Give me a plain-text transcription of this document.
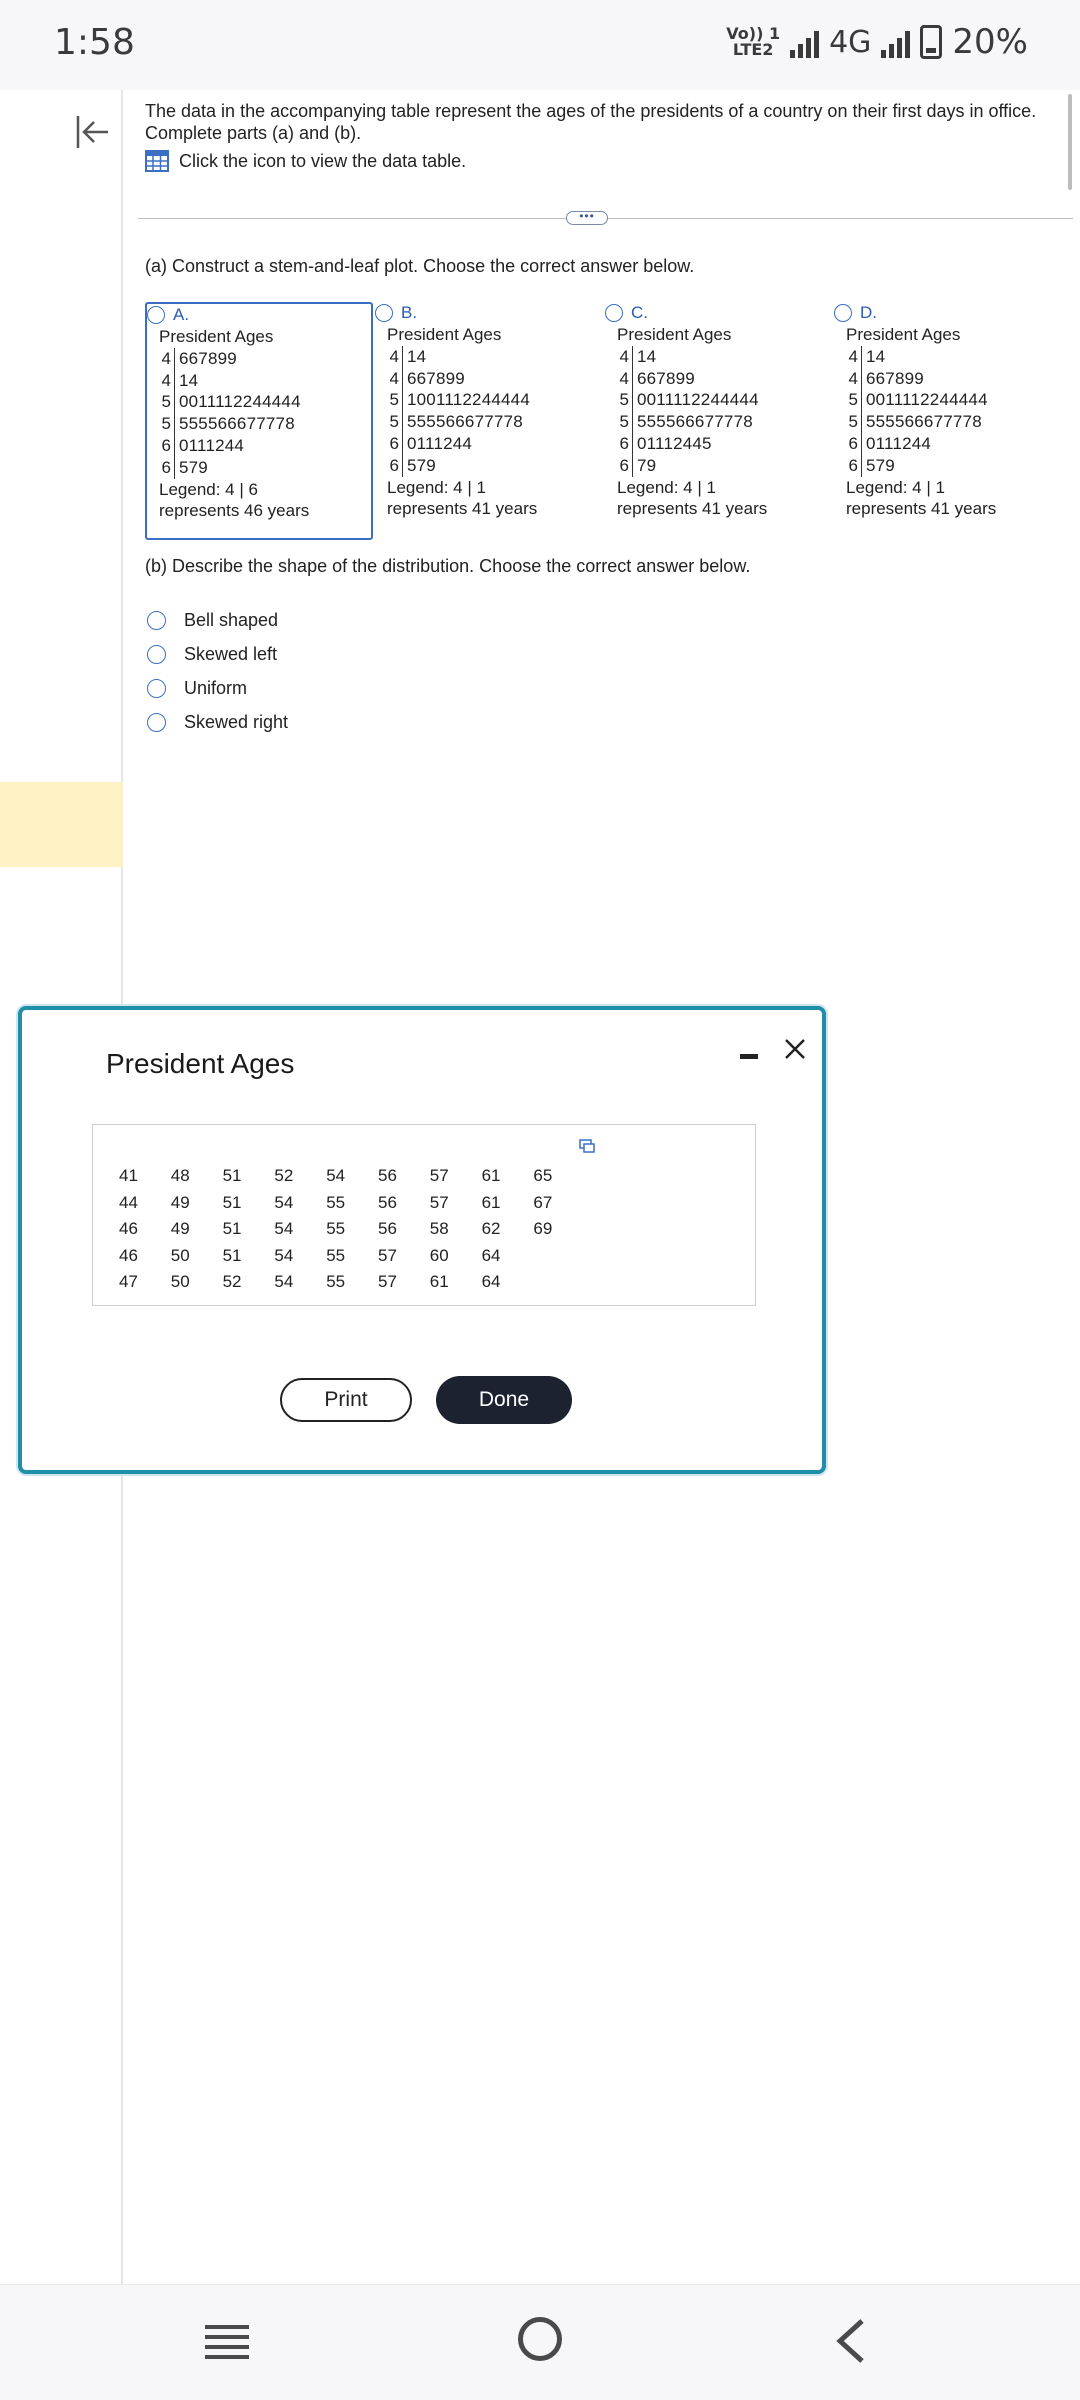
1:58	Vo)) 1
LTE2 4G 20%
The data in the accompanying table represent the ages of the presidents of a country on their first days in office. Complete parts (a) and (b).
Click the icon to view the data table.
•••
(a) Construct a stem-and-leaf plot. Choose the correct answer below.
A.
President Ages
4 667899
4 14
5 0011112244444
5 555566677778
6 0111244
6 579
Legend: 4 | 6
represents 46 years
B.
President Ages
4 14
4 667899
5 1001112244444
5 555566677778
6 0111244
6 579
Legend: 4 | 1
represents 41 years
C.
President Ages
4 14
4 667899
5 0011112244444
5 555566677778
6 01112445
6 79
Legend: 4 | 1
represents 41 years
D.
President Ages
4 14
4 667899
5 0011112244444
5 555566677778
6 0111244
6 579
Legend: 4 | 1
represents 41 years
(b) Describe the shape of the distribution. Choose the correct answer below.
Bell shaped
Skewed left
Uniform
Skewed right
President Ages
41
44
46
46
47
48
49
49
50
50
51
51
51
51
52
52
54
54
54
54
54
55
55
55
55
56
56
56
57
57
57
57
58
60
61
61
61
62
64
64
65
67
69
Print	Done
